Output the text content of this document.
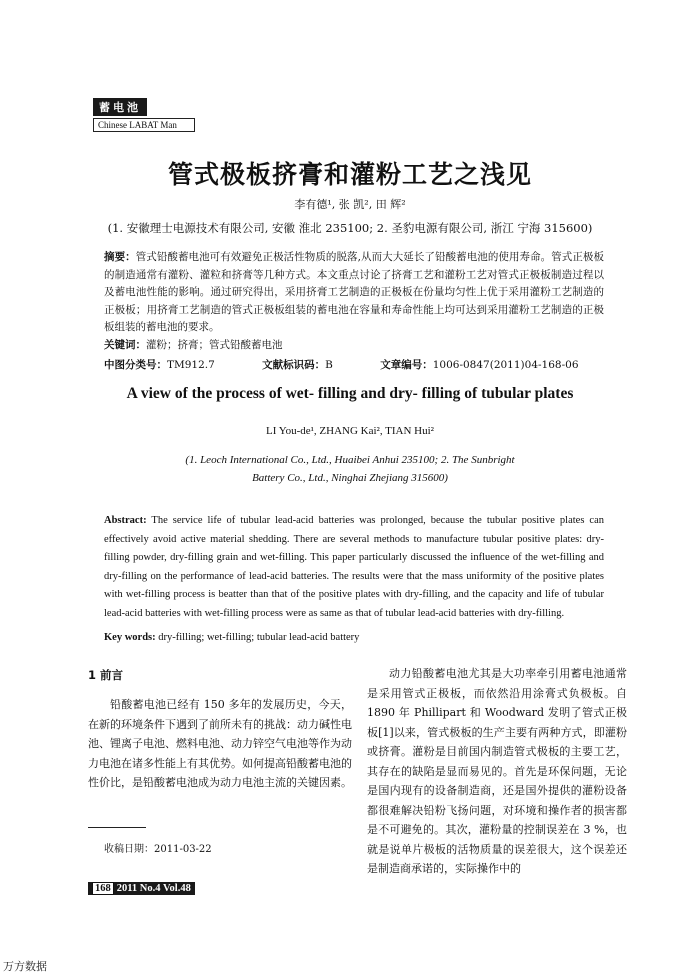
蓄电池
Chinese LABAT Man
管式极板挤膏和灌粉工艺之浅见
李有德¹, 张 凯², 田 辉²
(1. 安徽理士电源技术有限公司, 安徽 淮北 235100; 2. 圣豹电源有限公司, 浙江 宁海 315600)
摘要：管式铅酸蓄电池可有效避免正极活性物质的脱落,从而大大延长了铅酸蓄电池的使用寿命。管式正极板的制造通常有灌粉、灌粒和挤膏等几种方式。本文重点讨论了挤膏工艺和灌粉工艺对管式正极板制造过程以及蓄电池性能的影响。通过研究得出，采用挤膏工艺制造的正极板在份量均匀性上优于采用灌粉工艺制造的正极板；用挤膏工艺制造的管式正极板组装的蓄电池在容量和寿命性能上均可达到采用灌粉工艺制造的正极板组装的蓄电池的要求。
关键词：灌粉；挤膏；管式铅酸蓄电池
中图分类号：TM912.7	文献标识码：B	文章编号：1006-0847(2011)04-168-06
A view of the process of wet- filling and dry- filling of tubular plates
LI You-de¹, ZHANG Kai², TIAN Hui²
(1. Leoch International Co., Ltd., Huaibei Anhui 235100; 2. The Sunbright
Battery Co., Ltd., Ninghai Zhejiang 315600)
Abstract: The service life of tubular lead-acid batteries was prolonged, because the tubular positive plates can effectively avoid active material shedding. There are several methods to manufacture tubular positive plates: dry-filling powder, dry-filling grain and wet-filling. This paper particularly discussed the influence of the wet-filling and dry-filling on the performance of lead-acid batteries. The results were that the mass uniformity of the positive plates with wet-filling process is beatter than that of the positive plates with dry-filling, and the capacity and life of tubular lead-acid batteries with wet-filling process were as same as that of tubular lead-acid batteries with dry-filling.
Key words: dry-filling; wet-filling; tubular lead-acid battery
1 前言
铅酸蓄电池已经有 150 多年的发展历史，今天，在新的环境条件下遇到了前所未有的挑战：动力碱性电池、锂离子电池、燃料电池、动力锌空气电池等作为动力电池在诸多性能上有其优势。如何提高铅酸蓄电池的性价比，是铅酸蓄电池成为动力电池主流的关键因素。
动力铅酸蓄电池尤其是大功率牵引用蓄电池通常是采用管式正极板，而依然沿用涂膏式负极板。自 1890 年 Phillipart 和 Woodward 发明了管式正极板[1]以来，管式极板的生产主要有两种方式，即灌粉或挤膏。灌粉是目前国内制造管式极板的主要工艺，其存在的缺陷是显而易见的。首先是环保问题，无论是国内现有的设备制造商，还是国外提供的灌粉设备都很难解决铅粉飞扬问题，对环境和操作者的损害都是不可避免的。其次，灌粉量的控制误差在 3 %，也就是说单片极板的活物质量的误差很大，这个误差还是制造商承诺的，实际操作中的
收稿日期：2011-03-22
168 2011 No.4 Vol.48
万方数据
